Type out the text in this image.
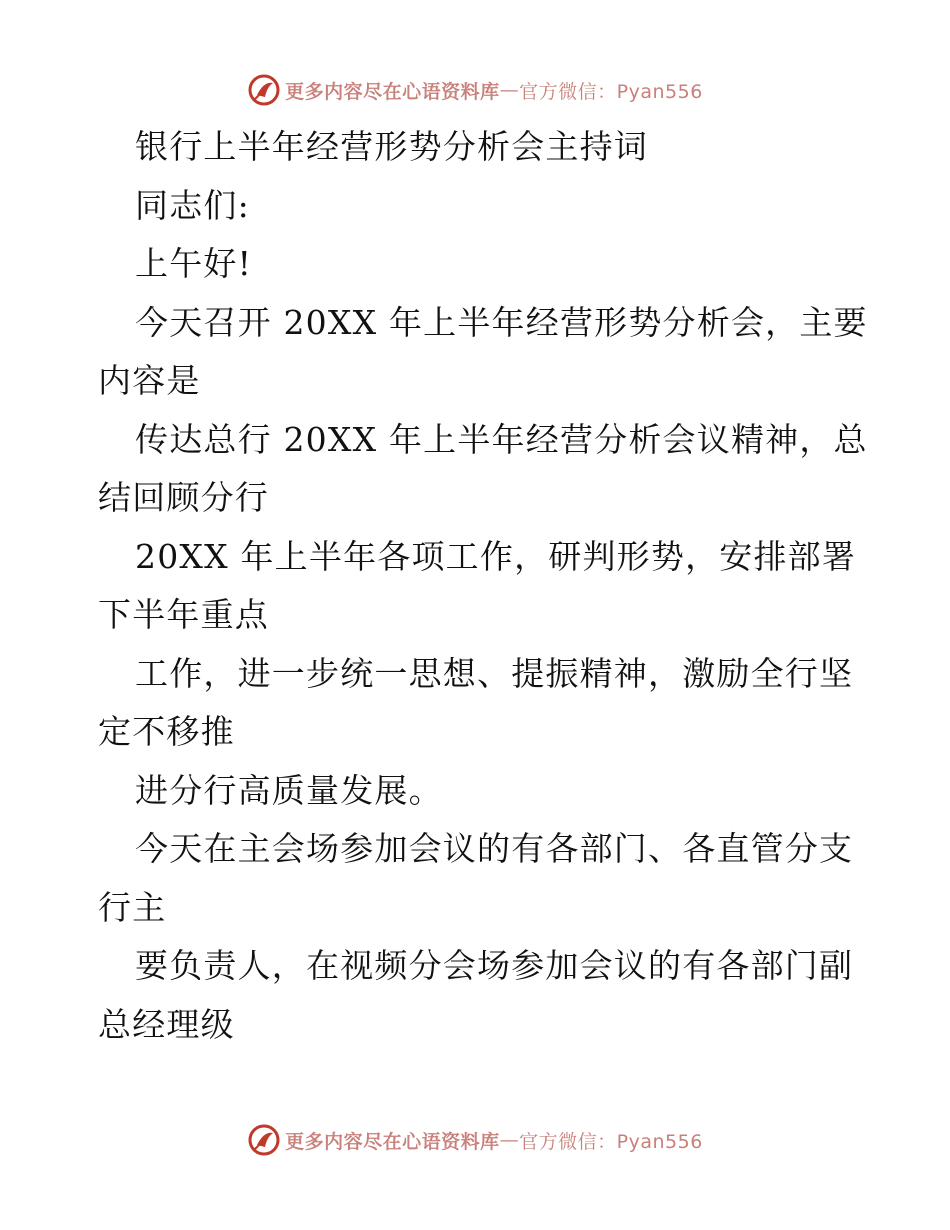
更多内容尽在心语资料库 — 官方微信：Pyan556
银行上半年经营形势分析会主持词
同志们:
上午好!
今天召开 20XX 年上半年经营形势分析会，主要
内容是
传达总行 20XX 年上半年经营分析会议精神，总
结回顾分行
20XX 年上半年各项工作，研判形势，安排部署
下半年重点
工作，进一步统一思想、提振精神，激励全行坚
定不移推
进分行高质量发展。
今天在主会场参加会议的有各部门、各直管分支
行主
要负责人，在视频分会场参加会议的有各部门副
总经理级
更多内容尽在心语资料库 — 官方微信：Pyan556
